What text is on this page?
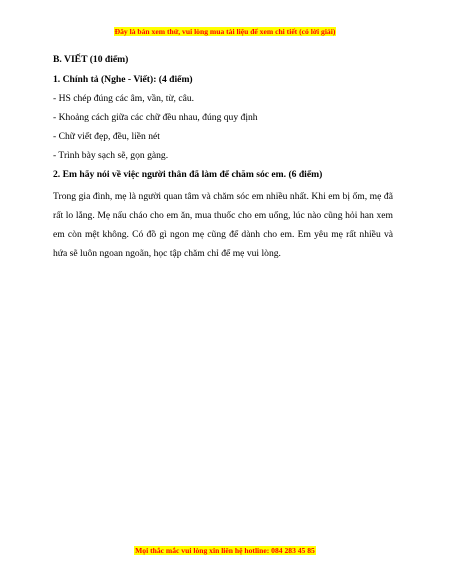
Đây là bản xem thử, vui lòng mua tài liệu để xem chi tiết (có lời giải)
B. VIẾT (10 điểm)
1. Chính tả (Nghe - Viết): (4 điểm)
- HS chép đúng các âm, vần, từ, câu.
- Khoảng cách giữa các chữ đều nhau, đúng quy định
- Chữ viết đẹp, đều, liền nét
- Trình bày sạch sẽ, gọn gàng.
2. Em hãy nói về việc người thân đã làm để chăm sóc em. (6 điểm)

Trong gia đình, mẹ là người quan tâm và chăm sóc em nhiều nhất. Khi em bị ốm, mẹ đã rất lo lắng. Mẹ nấu cháo cho em ăn, mua thuốc cho em uống, lúc nào cũng hỏi han xem em còn mệt không. Có đồ gì ngon mẹ cũng để dành cho em. Em yêu mẹ rất nhiều và hứa sẽ luôn ngoan ngoãn, học tập chăm chỉ để mẹ vui lòng.

Mọi thắc mắc vui lòng xin liên hệ hotline: 084 283 45 85
